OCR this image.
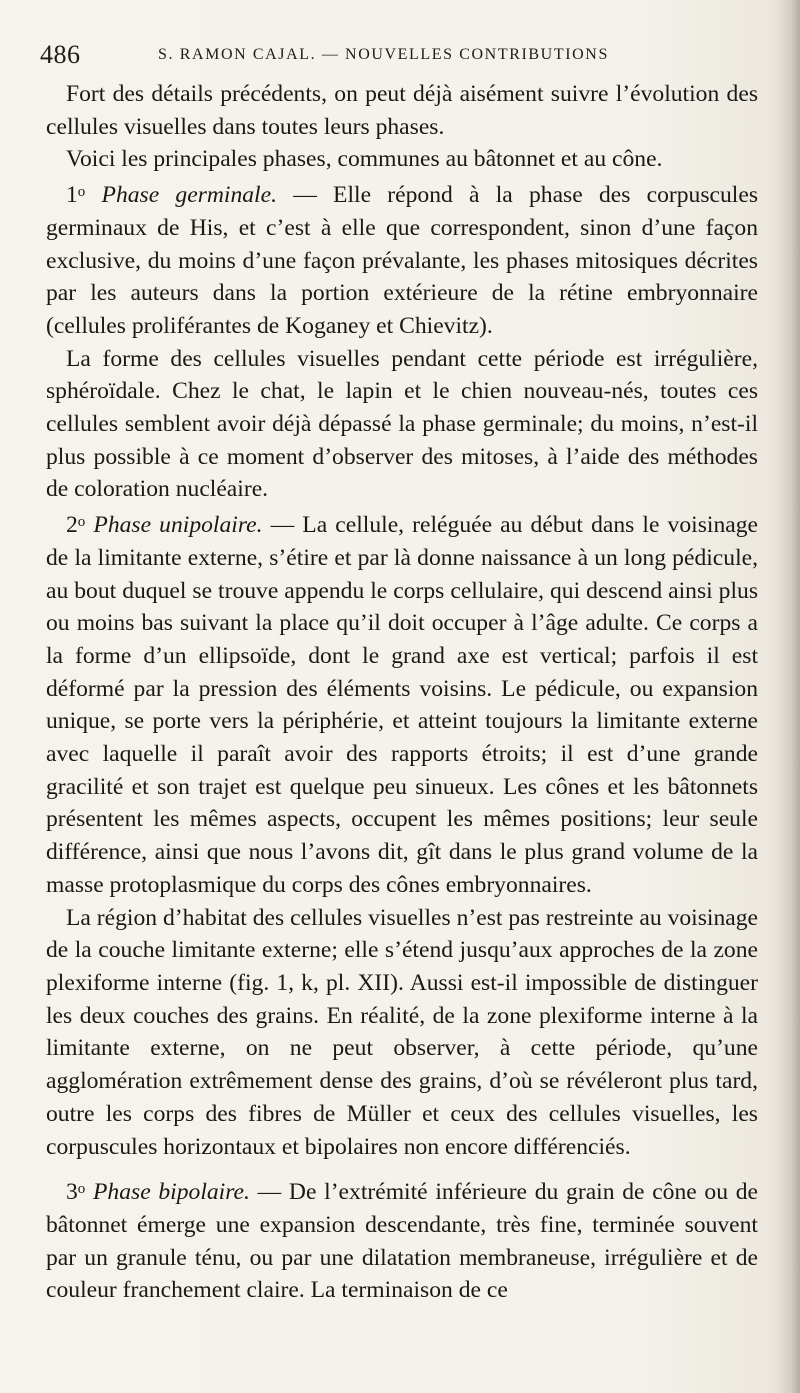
486	S. RAMON CAJAL. — NOUVELLES CONTRIBUTIONS

Fort des détails précédents, on peut déjà aisément suivre l’évolution des cellules visuelles dans toutes leurs phases.

Voici les principales phases, communes au bâtonnet et au cône.

1$^o$ Phase germinale. — Elle répond à la phase des corpuscules germinaux de His, et c’est à elle que correspondent, sinon d’une façon exclusive, du moins d’une façon prévalante, les phases mitosiques décrites par les auteurs dans la portion extérieure de la rétine embryonnaire (cellules proliférantes de Koganey et Chievitz).

La forme des cellules visuelles pendant cette période est irrégulière, sphéroïdale. Chez le chat, le lapin et le chien nouveau-nés, toutes ces cellules semblent avoir déjà dépassé la phase germinale; du moins, n’est-il plus possible à ce moment d’observer des mitoses, à l’aide des méthodes de coloration nucléaire.

2$^o$ Phase unipolaire. — La cellule, reléguée au début dans le voisinage de la limitante externe, s’étire et par là donne naissance à un long pédicule, au bout duquel se trouve appendu le corps cellulaire, qui descend ainsi plus ou moins bas suivant la place qu’il doit occuper à l’âge adulte. Ce corps a la forme d’un ellipsoïde, dont le grand axe est vertical; parfois il est déformé par la pression des éléments voisins. Le pédicule, ou expansion unique, se porte vers la périphérie, et atteint toujours la limitante externe avec laquelle il paraît avoir des rapports étroits; il est d’une grande gracilité et son trajet est quelque peu sinueux. Les cônes et les bâtonnets présentent les mêmes aspects, occupent les mêmes positions; leur seule différence, ainsi que nous l’avons dit, gît dans le plus grand volume de la masse protoplasmique du corps des cônes embryonnaires.

La région d’habitat des cellules visuelles n’est pas restreinte au voisinage de la couche limitante externe; elle s’étend jusqu’aux approches de la zone plexiforme interne (fig. 1, k, pl. XII). Aussi est-il impossible de distinguer les deux couches des grains. En réalité, de la zone plexiforme interne à la limitante externe, on ne peut observer, à cette période, qu’une agglomération extrêmement dense des grains, d’où se révéleront plus tard, outre les corps des fibres de Müller et ceux des cellules visuelles, les corpuscules horizontaux et bipolaires non encore différenciés.

3$^o$ Phase bipolaire. — De l’extrémité inférieure du grain de cône ou de bâtonnet émerge une expansion descendante, très fine, terminée souvent par un granule ténu, ou par une dilatation membraneuse, irrégulière et de couleur franchement claire. La terminaison de ce
